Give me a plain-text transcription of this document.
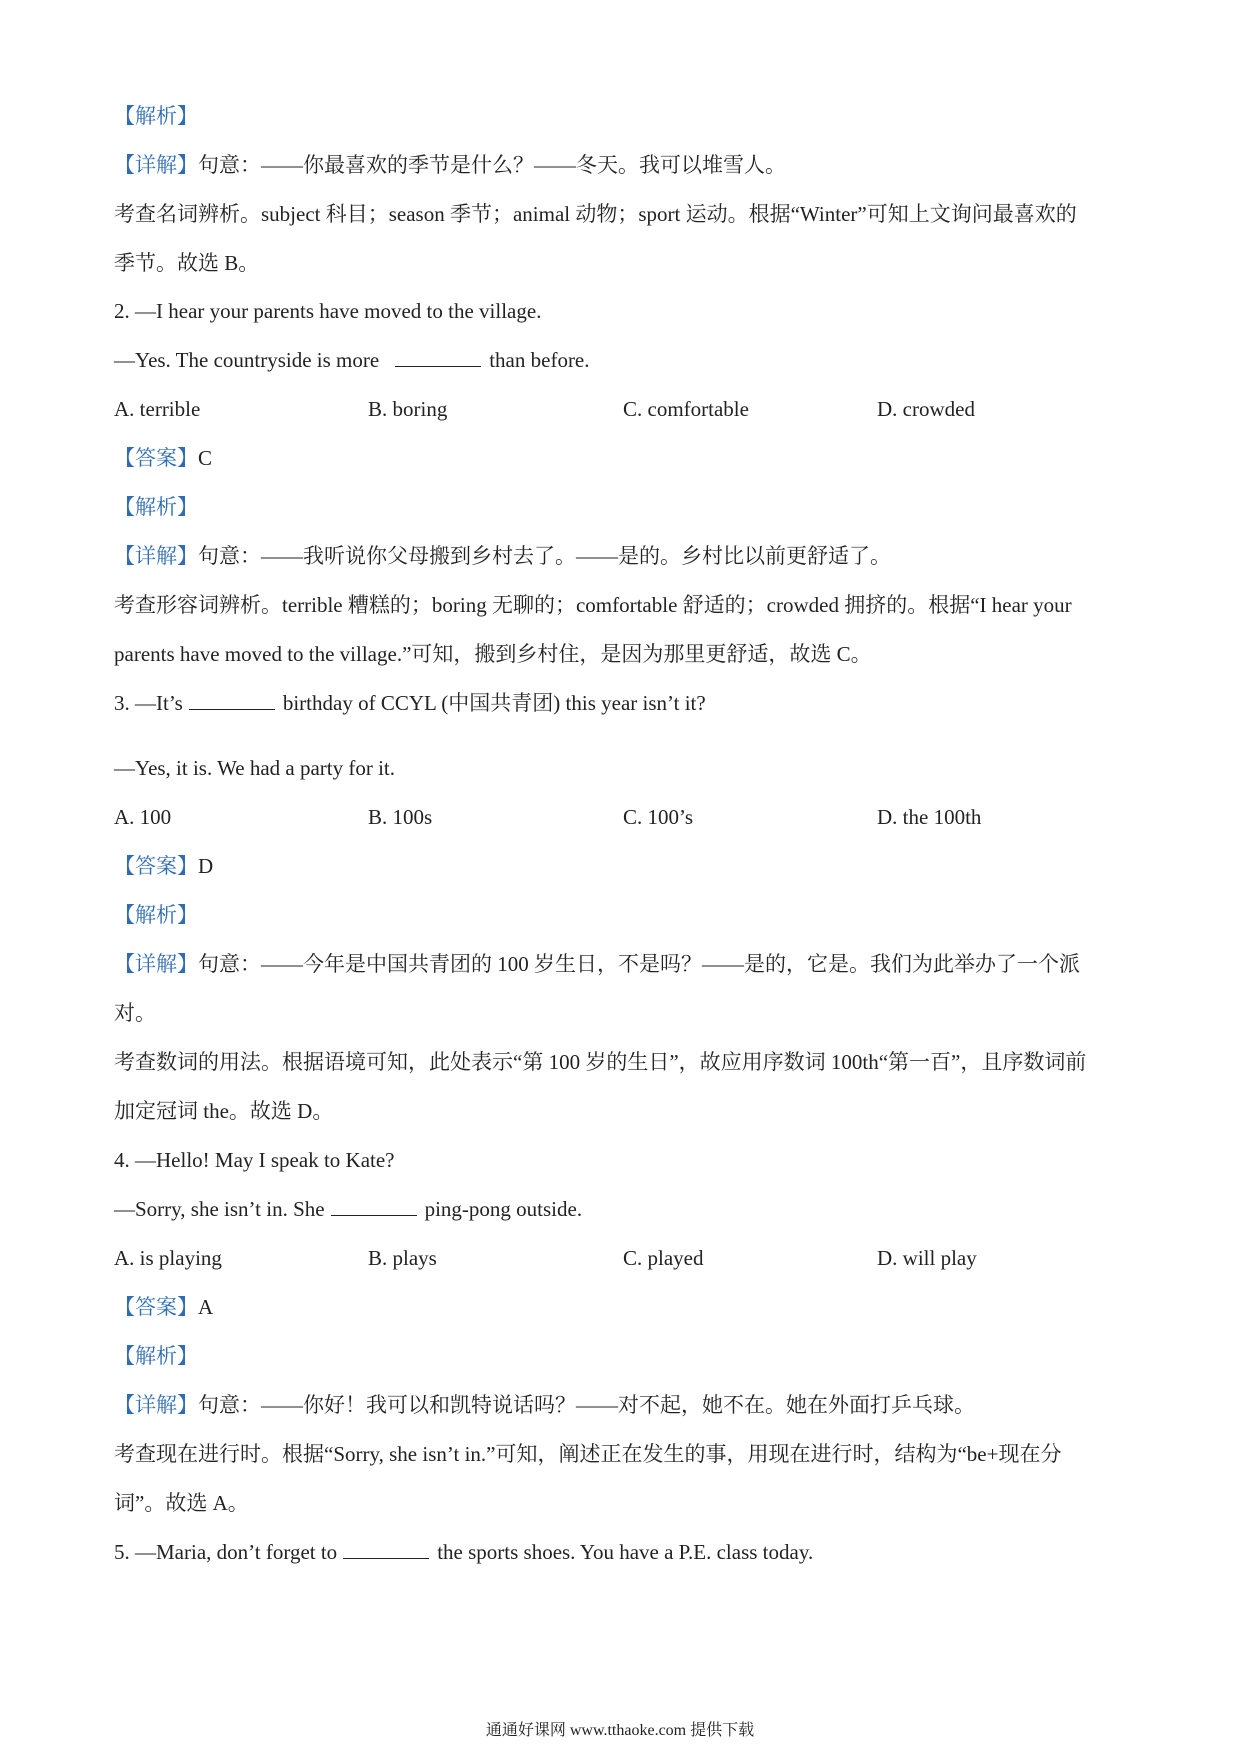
【解析】
【详解】句意：——你最喜欢的季节是什么？——冬天。我可以堆雪人。
考查名词辨析。subject 科目；season 季节；animal 动物；sport 运动。根据“Winter”可知上文询问最喜欢的
季节。故选 B。
2. —I hear your parents have moved to the village.
—Yes. The countryside is more	than before.
A. terrible	B. boring	C. comfortable	D. crowded
【答案】C
【解析】
【详解】句意：——我听说你父母搬到乡村去了。——是的。乡村比以前更舒适了。
考查形容词辨析。terrible 糟糕的；boring 无聊的；comfortable 舒适的；crowded 拥挤的。根据“I hear your
parents have moved to the village.”可知，搬到乡村住，是因为那里更舒适，故选 C。
3. —It’s	birthday of CCYL (中国共青团) this year isn’t it?
—Yes, it is. We had a party for it.
A. 100	B. 100s	C. 100’s	D. the 100th
【答案】D
【解析】
【详解】句意：——今年是中国共青团的 100 岁生日，不是吗？——是的，它是。我们为此举办了一个派
对。
考查数词的用法。根据语境可知，此处表示“第 100 岁的生日”，故应用序数词 100th“第一百”，且序数词前
加定冠词 the。故选 D。
4. —Hello! May I speak to Kate?
—Sorry, she isn’t in. She	ping-pong outside.
A. is playing	B. plays	C. played	D. will play
【答案】A
【解析】
【详解】句意：——你好！我可以和凯特说话吗？——对不起，她不在。她在外面打乒乓球。
考查现在进行时。根据“Sorry, she isn’t in.”可知，阐述正在发生的事，用现在进行时，结构为“be+现在分
词”。故选 A。
5. —Maria, don’t forget to	the sports shoes. You have a P.E. class today.
通通好课网 www.tthaoke.com 提供下载
